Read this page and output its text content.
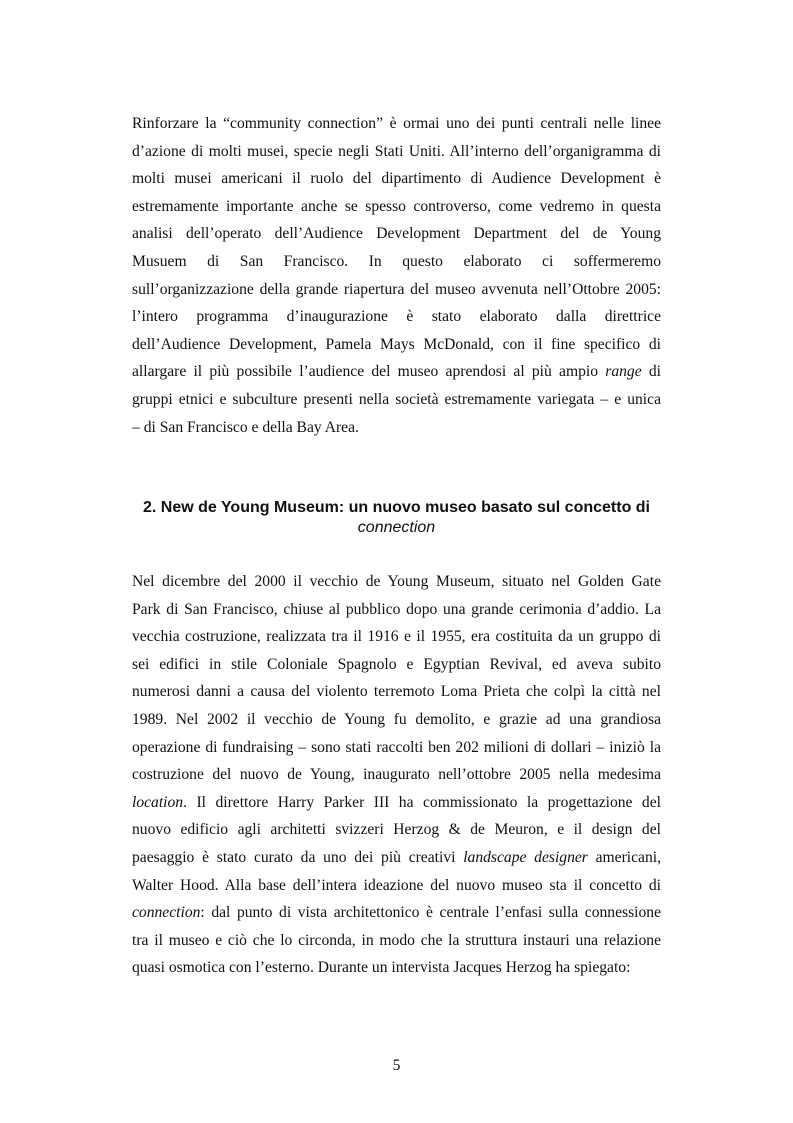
Rinforzare la “community connection” è ormai uno dei punti centrali nelle linee
d’azione di molti musei, specie negli Stati Uniti. All’interno dell’organigramma di
molti musei americani il ruolo del dipartimento di Audience Development è
estremamente importante anche se spesso controverso, come vedremo in questa
analisi dell’operato dell’Audience Development Department del de Young
Musuem di San Francisco. In questo elaborato ci soffermeremo
sull’organizzazione della grande riapertura del museo avvenuta nell’Ottobre 2005:
l’intero programma d’inaugurazione è stato elaborato dalla direttrice
dell’Audience Development, Pamela Mays McDonald, con il fine specifico di
allargare il più possibile l’audience del museo aprendosi al più ampio range di
gruppi etnici e subculture presenti nella società estremamente variegata – e unica
– di San Francisco e della Bay Area.
2. New de Young Museum: un nuovo museo basato sul concetto di
connection
Nel dicembre del 2000 il vecchio de Young Museum, situato nel Golden Gate
Park di San Francisco, chiuse al pubblico dopo una grande cerimonia d’addio. La
vecchia costruzione, realizzata tra il 1916 e il 1955, era costituita da un gruppo di
sei edifici in stile Coloniale Spagnolo e Egyptian Revival, ed aveva subito
numerosi danni a causa del violento terremoto Loma Prieta che colpì la città nel
1989. Nel 2002 il vecchio de Young fu demolito, e grazie ad una grandiosa
operazione di fundraising – sono stati raccolti ben 202 milioni di dollari – iniziò la
costruzione del nuovo de Young, inaugurato nell’ottobre 2005 nella medesima
location. Il direttore Harry Parker III ha commissionato la progettazione del
nuovo edificio agli architetti svizzeri Herzog & de Meuron, e il design del
paesaggio è stato curato da uno dei più creativi landscape designer americani,
Walter Hood. Alla base dell’intera ideazione del nuovo museo sta il concetto di
connection: dal punto di vista architettonico è centrale l’enfasi sulla connessione
tra il museo e ciò che lo circonda, in modo che la struttura instauri una relazione
quasi osmotica con l’esterno. Durante un intervista Jacques Herzog ha spiegato:
5
